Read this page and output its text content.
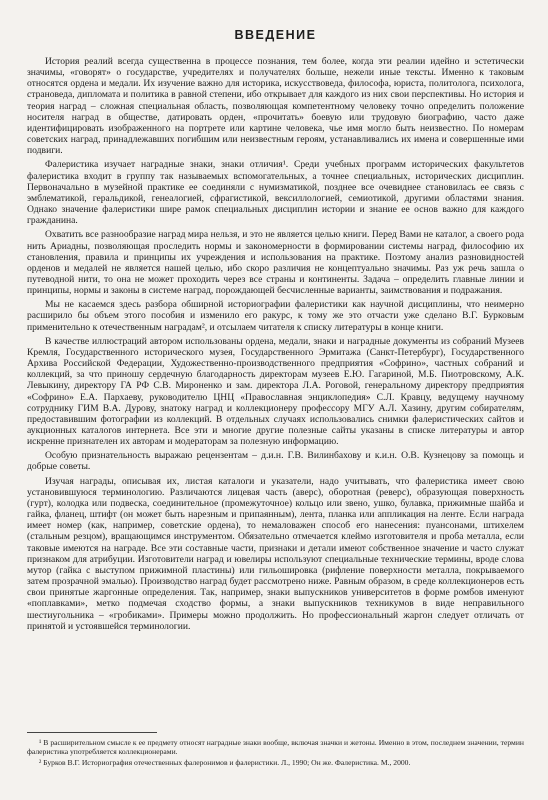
ВВЕДЕНИЕ

История реалий всегда существенна в процессе познания, тем более, когда эти реалии идейно и эстетически значимы, «говорят» о государстве, учредителях и получателях больше, нежели иные тексты. Именно к таковым относятся ордена и медали. Их изучение важно для историка, искусствоведа, философа, юриста, политолога, психолога, страноведа, дипломата и политика в равной степени, ибо открывает для каждого из них свои перспективы. Но история и теория наград – сложная специальная область, позволяющая компетентному человеку точно определить положение носителя наград в обществе, датировать орден, «прочитать» боевую или трудовую биографию, часто даже идентифицировать изображенного на портрете или картине человека, чье имя могло быть неизвестно. По номерам советских наград, принадлежавших погибшим или неизвестным героям, устанавливались их имена и совершенные ими подвиги.

Фалеристика изучает наградные знаки, знаки отличия¹. Среди учебных программ исторических факультетов фалеристика входит в группу так называемых вспомогательных, а точнее специальных, исторических дисциплин. Первоначально в музейной практике ее соединяли с нумизматикой, позднее все очевиднее становилась ее связь с эмблематикой, геральдикой, генеалогией, сфрагистикой, вексиллологией, семиотикой, другими областями знания. Однако значение фалеристики шире рамок специальных дисциплин истории и знание ее основ важно для каждого гражданина.

Охватить все разнообразие наград мира нельзя, и это не является целью книги. Перед Вами не каталог, а своего рода нить Ариадны, позволяющая проследить нормы и закономерности в формировании системы наград, философию их становления, правила и принципы их учреждения и использования на практике. Поэтому анализ разновидностей орденов и медалей не является нашей целью, ибо скоро различия не концептуально значимы. Раз уж речь зашла о путеводной нити, то она не может проходить через все страны и континенты. Задача – определить главные линии и принципы, нормы и законы в системе наград, порождающей бесчисленные варианты, заимствования и подражания.

Мы не касаемся здесь разбора обширной историографии фалеристики как научной дисциплины, что неимерно расширило бы объем этого пособия и изменило его ракурс, к тому же это отчасти уже сделано В.Г. Бурковым применительно к отечественным наградам², и отсылаем читателя к списку литературы в конце книги.

В качестве иллюстраций автором использованы ордена, медали, знаки и наградные документы из собраний Музеев Кремля, Государственного исторического музея, Государственного Эрмитажа (Санкт-Петербург), Государственного Архива Российской Федерации, Художественно-производственного предприятия «Софрино», частных собраний и коллекций, за что приношу сердечную благодарность директорам музеев Е.Ю. Гагариной, М.Б. Пиотровскому, А.К. Левыкину, директору ГА РФ С.В. Мироненко и зам. директора Л.А. Роговой, генеральному директору предприятия «Софрино» Е.А. Пархаеву, руководителю ЦНЦ «Православная энциклопедия» С.Л. Кравцу, ведущему научному сотруднику ГИМ В.А. Дурову, знатоку наград и коллекционеру профессору МГУ А.Л. Хазину, другим собирателям, предоставившим фотографии из коллекций. В отдельных случаях использовались снимки фалеристических сайтов и аукционных каталогов интернета. Все эти и многие другие полезные сайты указаны в списке литературы и автор искренне признателен их авторам и модераторам за полезную информацию.

Особую признательность выражаю рецензентам – д.и.н. Г.В. Вилинбахову и к.и.н. О.В. Кузнецову за помощь и добрые советы.

Изучая награды, описывая их, листая каталоги и указатели, надо учитывать, что фалеристика имеет свою установившуюся терминологию. Различаются лицевая часть (аверс), оборотная (реверс), образующая поверхность (гурт), колодка или подвеска, соединительное (промежуточное) кольцо или звено, ушко, булавка, прижимные шайба и гайка, фланец, штифт (он может быть нарезным и припаянным), лента, планка или аппликация на ленте. Если награда имеет номер (как, например, советские ордена), то немаловажен способ его нанесения: пуансонами, штихелем (стальным резцом), вращающимся инструментом. Обязательно отмечается клеймо изготовителя и проба металла, если таковые имеются на награде. Все эти составные части, признаки и детали имеют собственное значение и часто служат признаком для атрибуции. Изготовители наград и ювелиры используют специальные технические термины, вроде слова мутор (гайка с выступом прижимной пластины) или гильошировка (рифление поверхности металла, покрываемого затем прозрачной эмалью). Производство наград будет рассмотрено ниже. Равным образом, в среде коллекционеров есть свои принятые жаргонные определения. Так, например, знаки выпускников университетов в форме ромбов именуют «поплавками», метко подмечая сходство формы, а знаки выпускников техникумов в виде неправильного шестиугольника – «гробиками». Примеры можно продолжить. Но профессиональный жаргон следует отличать от принятой и устоявшейся терминологии.

¹ В расширительном смысле к ее предмету относят наградные знаки вообще, включая значки и жетоны. Именно в этом, последнем значении, термин фалеристика употребляется коллекционерами.

² Бурков В.Г. Историография отечественных фалеронимов и фалеристики. Л., 1990; Он же. Фалеристика. М., 2000.
